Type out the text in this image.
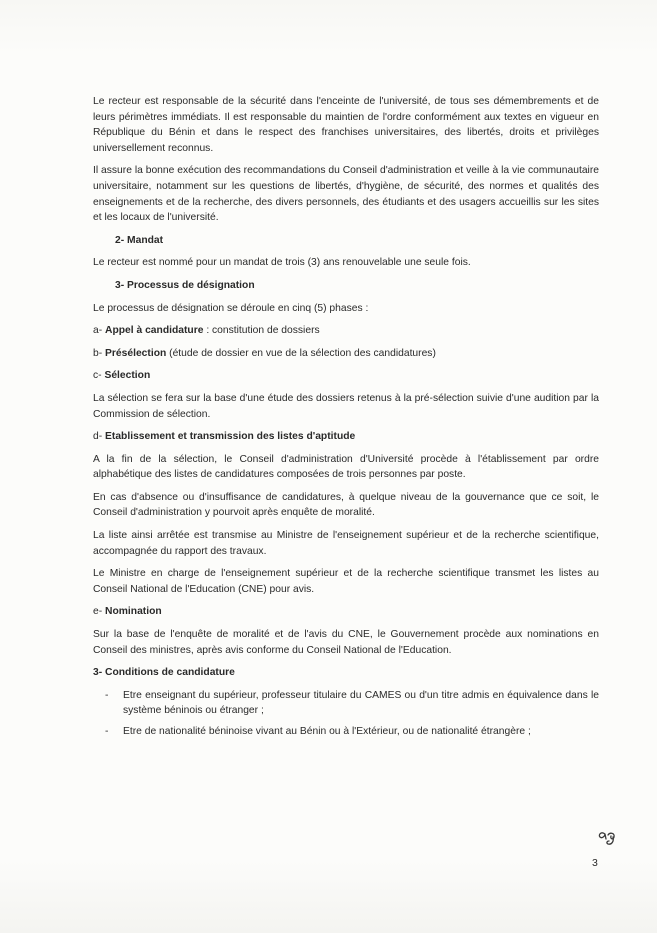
Le recteur est responsable de la sécurité dans l'enceinte de l'université, de tous ses démembrements et de leurs périmètres immédiats. Il est responsable du maintien de l'ordre conformément aux textes en vigueur en République du Bénin et dans le respect des franchises universitaires, des libertés, droits et privilèges universellement reconnus.

Il assure la bonne exécution des recommandations du Conseil d'administration et veille à la vie communautaire universitaire, notamment sur les questions de libertés, d'hygiène, de sécurité, des normes et qualités des enseignements et de la recherche, des divers personnels, des étudiants et des usagers accueillis sur les sites et les locaux de l'université.

2- Mandat

Le recteur est nommé pour un mandat de trois (3) ans renouvelable une seule fois.

3- Processus de désignation

Le processus de désignation se déroule en cinq (5) phases :

a- Appel à candidature : constitution de dossiers

b- Présélection (étude de dossier en vue de la sélection des candidatures)

c- Sélection

La sélection se fera sur la base d'une étude des dossiers retenus à la pré-sélection suivie d'une audition par la Commission de sélection.

d- Etablissement et transmission des listes d'aptitude

A la fin de la sélection, le Conseil d'administration d'Université procède à l'établissement par ordre alphabétique des listes de candidatures composées de trois personnes par poste.

En cas d'absence ou d'insuffisance de candidatures, à quelque niveau de la gouvernance que ce soit, le Conseil d'administration y pourvoit après enquête de moralité.

La liste ainsi arrêtée est transmise au Ministre de l'enseignement supérieur et de la recherche scientifique, accompagnée du rapport des travaux.

Le Ministre en charge de l'enseignement supérieur et de la recherche scientifique transmet les listes au Conseil National de l'Education (CNE) pour avis.

e- Nomination

Sur la base de l'enquête de moralité et de l'avis du CNE, le Gouvernement procède aux nominations en Conseil des ministres, après avis conforme du Conseil National de l'Education.

3- Conditions de candidature

- Etre enseignant du supérieur, professeur titulaire du CAMES ou d'un titre admis en équivalence dans le système béninois ou étranger ;
- Etre de nationalité béninoise vivant au Bénin ou à l'Extérieur, ou de nationalité étrangère ;
3
